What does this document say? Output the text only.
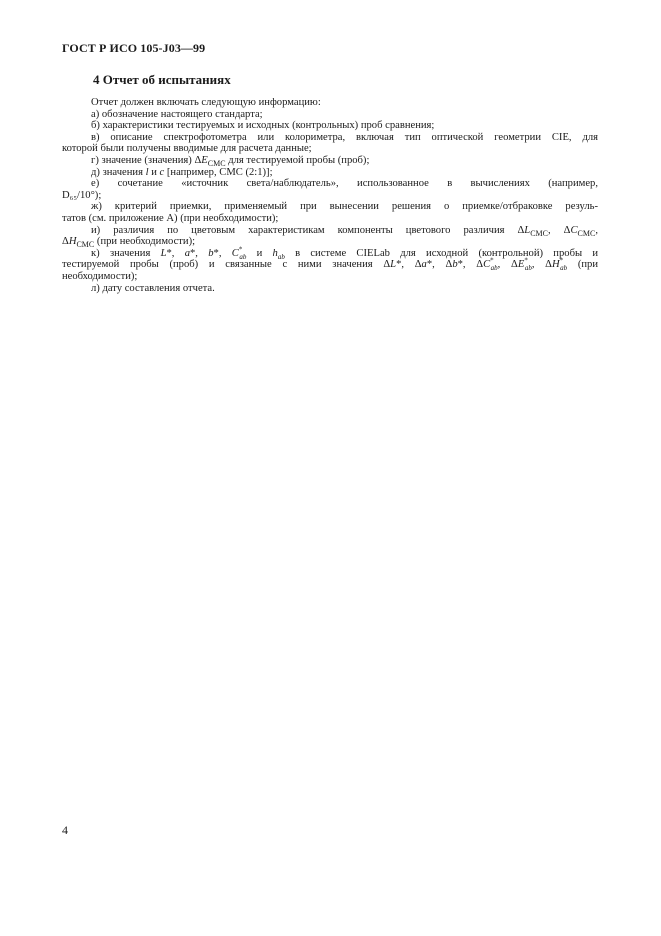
ГОСТ Р ИСО 105-J03—99
4 Отчет об испытаниях

Отчет должен включать следующую информацию:

а) обозначение настоящего стандарта;

б) характеристики тестируемых и исходных (контрольных) проб сравнения;

в) описание спектрофотометра или колориметра, включая тип оптической геометрии CIE, для

которой были получены вводимые для расчета данные;

г) значение (значения) $\Delta E_{CMC}$ для тестируемой пробы (проб);

д) значения l и c [например, CMC (2:1)];

е) сочетание «источник света/наблюдатель», использованное в вычислениях (например,

D₆₅/10°);

ж) критерий приемки, применяемый при вынесении решения о приемке/отбраковке резуль-

татов (см. приложение А) (при необходимости);

и) различия по цветовым характеристикам компоненты цветового различия $\Delta L_{CMC}$, $\Delta C_{CMC}$,

$\Delta H_{CMC}$ (при необходимости);

к) значения L*, a*, b*, $C^*_{ab}$ и $h_{ab}$ в системе CIELab для исходной (контрольной) пробы и

тестируемой пробы (проб) и связанные с ними значения ΔL*, Δa*, Δb*, $\Delta C^*_{ab}$, $\Delta E^*_{ab}$, $\Delta H^*_{ab}$ (при

необходимости);

л) дату составления отчета.

4
